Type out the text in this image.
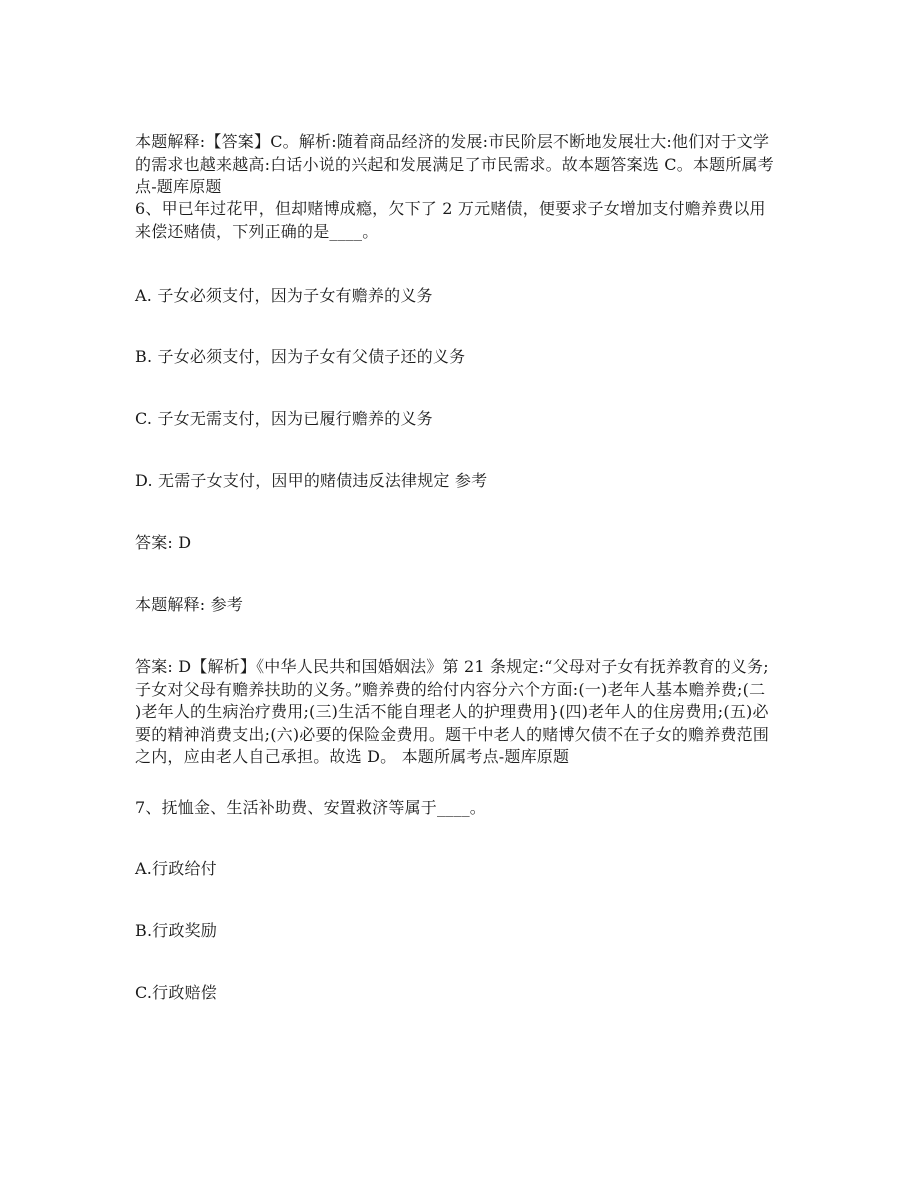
本题解释:【答案】C。解析:随着商品经济的发展:市民阶层不断地发展壮大:他们对于文学
的需求也越来越高:白话小说的兴起和发展满足了市民需求。故本题答案选 C。本题所属考
点-题库原题

6、甲已年过花甲，但却赌博成瘾，欠下了 2 万元赌债，便要求子女增加支付赡养费以用
来偿还赌债，下列正确的是____。

A. 子女必须支付，因为子女有赡养的义务

B. 子女必须支付，因为子女有父债子还的义务

C. 子女无需支付，因为已履行赡养的义务

D. 无需子女支付，因甲的赌债违反法律规定 参考

答案: D

本题解释: 参考

答案: D【解析】《中华人民共和国婚姻法》第 21 条规定:“父母对子女有抚养教育的义务;
子女对父母有赡养扶助的义务。”赡养费的给付内容分六个方面:(一)老年人基本赡养费;(二
)老年人的生病治疗费用;(三)生活不能自理老人的护理费用}(四)老年人的住房费用;(五)必
要的精神消费支出;(六)必要的保险金费用。题干中老人的赌博欠债不在子女的赡养费范围
之内，应由老人自己承担。故选 D。 本题所属考点-题库原题

7、抚恤金、生活补助费、安置救济等属于____。

A.行政给付

B.行政奖励

C.行政赔偿
